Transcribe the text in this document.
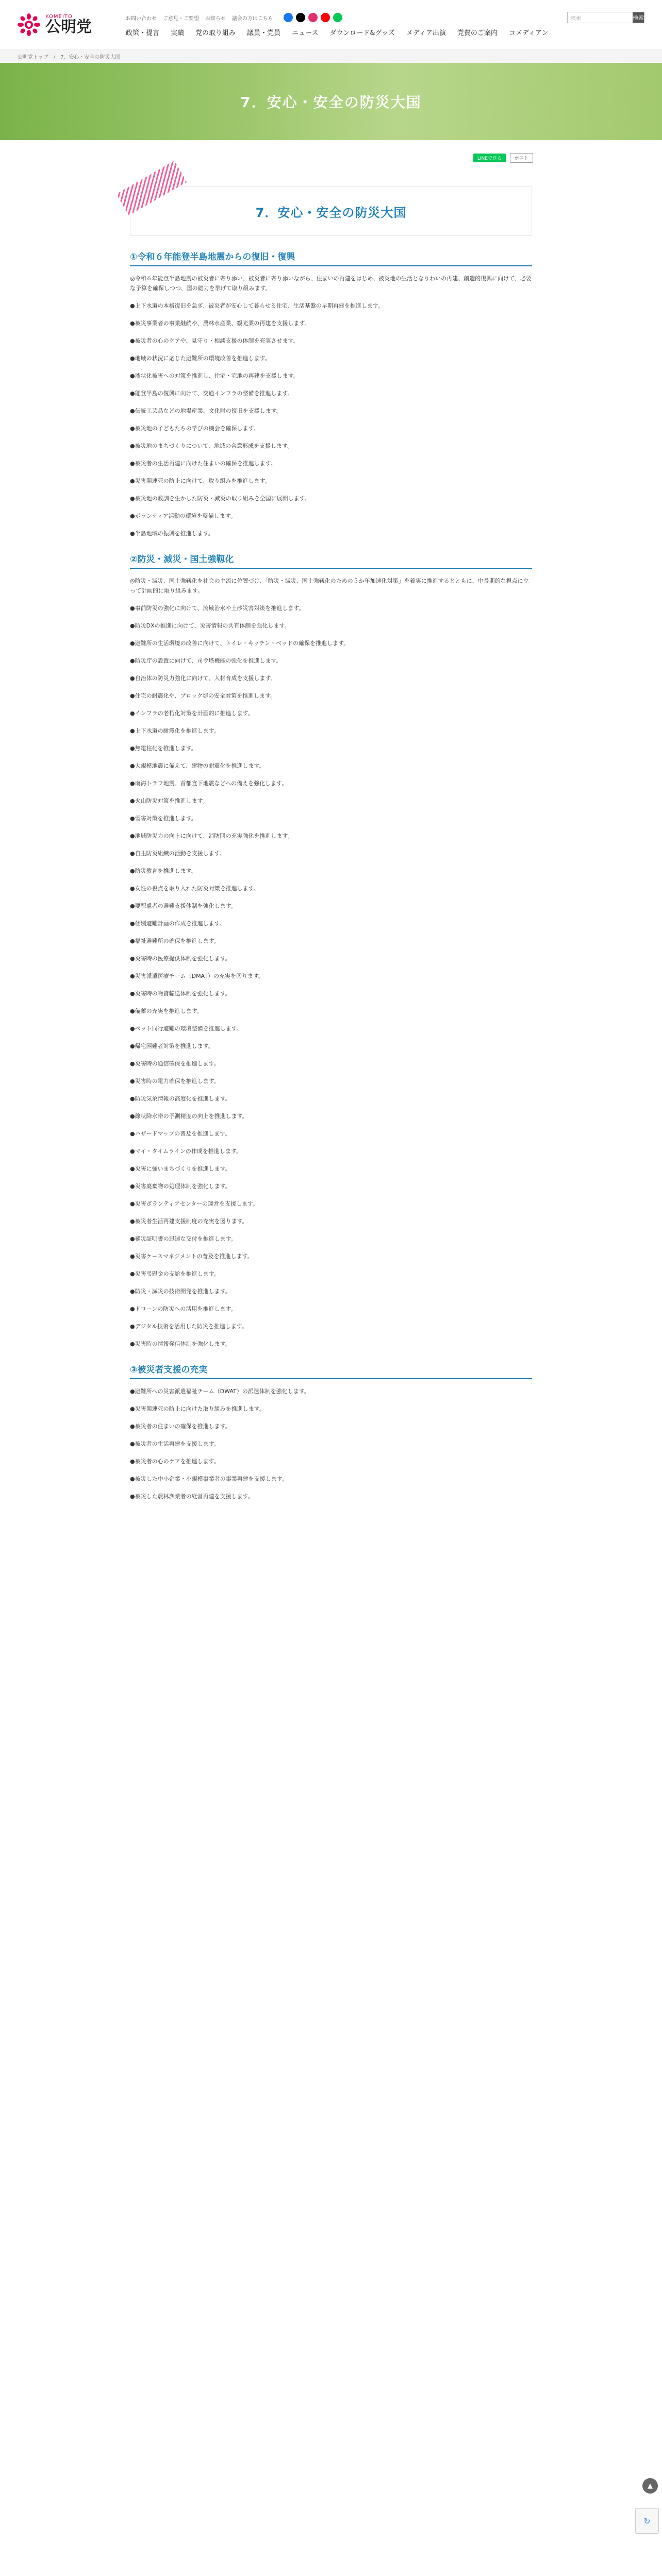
KOMEITO
公明党	お問い合わせ ご意見・ご要望 お知らせ 議会の方はこちら	検索	検索
政策・提言 実績 党の取り組み 議員・党員 ニュース ダウンロード&グッズ メディア出演 党費のご案内 コメディアン
公明党トップ　/　7．安心・安全の防災大国
7．安心・安全の防災大国
LINEで送る	ポスト
7．安心・安全の防災大国
①令和６年能登半島地震からの復旧・復興

◎令和６年能登半島地震の被災者に寄り添い、被災者に寄り添いながら、住まいの再建をはじめ、被災地の生活となりわいの再建、創造的復興に向けて、必要な予算を確保しつつ、国の総力を挙げて取り組みます。

●上下水道の本格復旧を急ぎ、被災者が安心して暮らせる住宅、生活基盤の早期再建を推進します。

●被災事業者の事業継続や、農林水産業、観光業の再建を支援します。

●被災者の心のケアや、見守り・相談支援の体制を充実させます。

●地域の状況に応じた避難所の環境改善を推進します。

●液状化被害への対策を推進し、住宅・宅地の再建を支援します。

●能登半島の復興に向けて、交通インフラの整備を推進します。

●伝統工芸品などの地場産業、文化財の復旧を支援します。

●被災地の子どもたちの学びの機会を確保します。

●被災地のまちづくりについて、地域の合意形成を支援します。

●被災者の生活再建に向けた住まいの確保を推進します。

●災害関連死の防止に向けて、取り組みを推進します。

●被災地の教訓を生かした防災・減災の取り組みを全国に展開します。

●ボランティア活動の環境を整備します。

●半島地域の振興を推進します。

②防災・減災・国土強靱化

◎防災・減災、国土強靱化を社会の主流に位置づけ、「防災・減災、国土強靱化のための５か年加速化対策」を着実に推進するとともに、中長期的な視点に立って計画的に取り組みます。

●事前防災の強化に向けて、流域治水や土砂災害対策を推進します。

●防災DXの推進に向けて、災害情報の共有体制を強化します。

●避難所の生活環境の改善に向けて、トイレ・キッチン・ベッドの確保を推進します。

●防災庁の設置に向けて、司令塔機能の強化を推進します。

●自治体の防災力強化に向けて、人材育成を支援します。

●住宅の耐震化や、ブロック塀の安全対策を推進します。

●インフラの老朽化対策を計画的に推進します。

●上下水道の耐震化を推進します。

●無電柱化を推進します。

●大規模地震に備えて、建物の耐震化を推進します。

●南海トラフ地震、首都直下地震などへの備えを強化します。

●火山防災対策を推進します。

●雪害対策を推進します。

●地域防災力の向上に向けて、消防団の充実強化を推進します。

●自主防災組織の活動を支援します。

●防災教育を推進します。

●女性の視点を取り入れた防災対策を推進します。

●要配慮者の避難支援体制を強化します。

●個別避難計画の作成を推進します。

●福祉避難所の確保を推進します。

●災害時の医療提供体制を強化します。

●災害派遣医療チーム（DMAT）の充実を図ります。

●災害時の物資輸送体制を強化します。

●備蓄の充実を推進します。

●ペット同行避難の環境整備を推進します。

●帰宅困難者対策を推進します。

●災害時の通信確保を推進します。

●災害時の電力確保を推進します。

●防災気象情報の高度化を推進します。

●線状降水帯の予測精度の向上を推進します。

●ハザードマップの普及を推進します。

●マイ・タイムラインの作成を推進します。

●災害に強いまちづくりを推進します。

●災害廃棄物の処理体制を強化します。

●災害ボランティアセンターの運営を支援します。

●被災者生活再建支援制度の充実を図ります。

●罹災証明書の迅速な交付を推進します。

●災害ケースマネジメントの普及を推進します。

●災害弔慰金の支給を推進します。

●防災・減災の技術開発を推進します。

●ドローンの防災への活用を推進します。

●デジタル技術を活用した防災を推進します。

●災害時の情報発信体制を強化します。

③被災者支援の充実

●避難所への災害派遣福祉チーム（DWAT）の派遣体制を強化します。

●災害関連死の防止に向けた取り組みを推進します。

●被災者の住まいの確保を推進します。

●被災者の生活再建を支援します。

●被災者の心のケアを推進します。

●被災した中小企業・小規模事業者の事業再建を支援します。

●被災した農林漁業者の経営再建を支援します。

▲
↻
